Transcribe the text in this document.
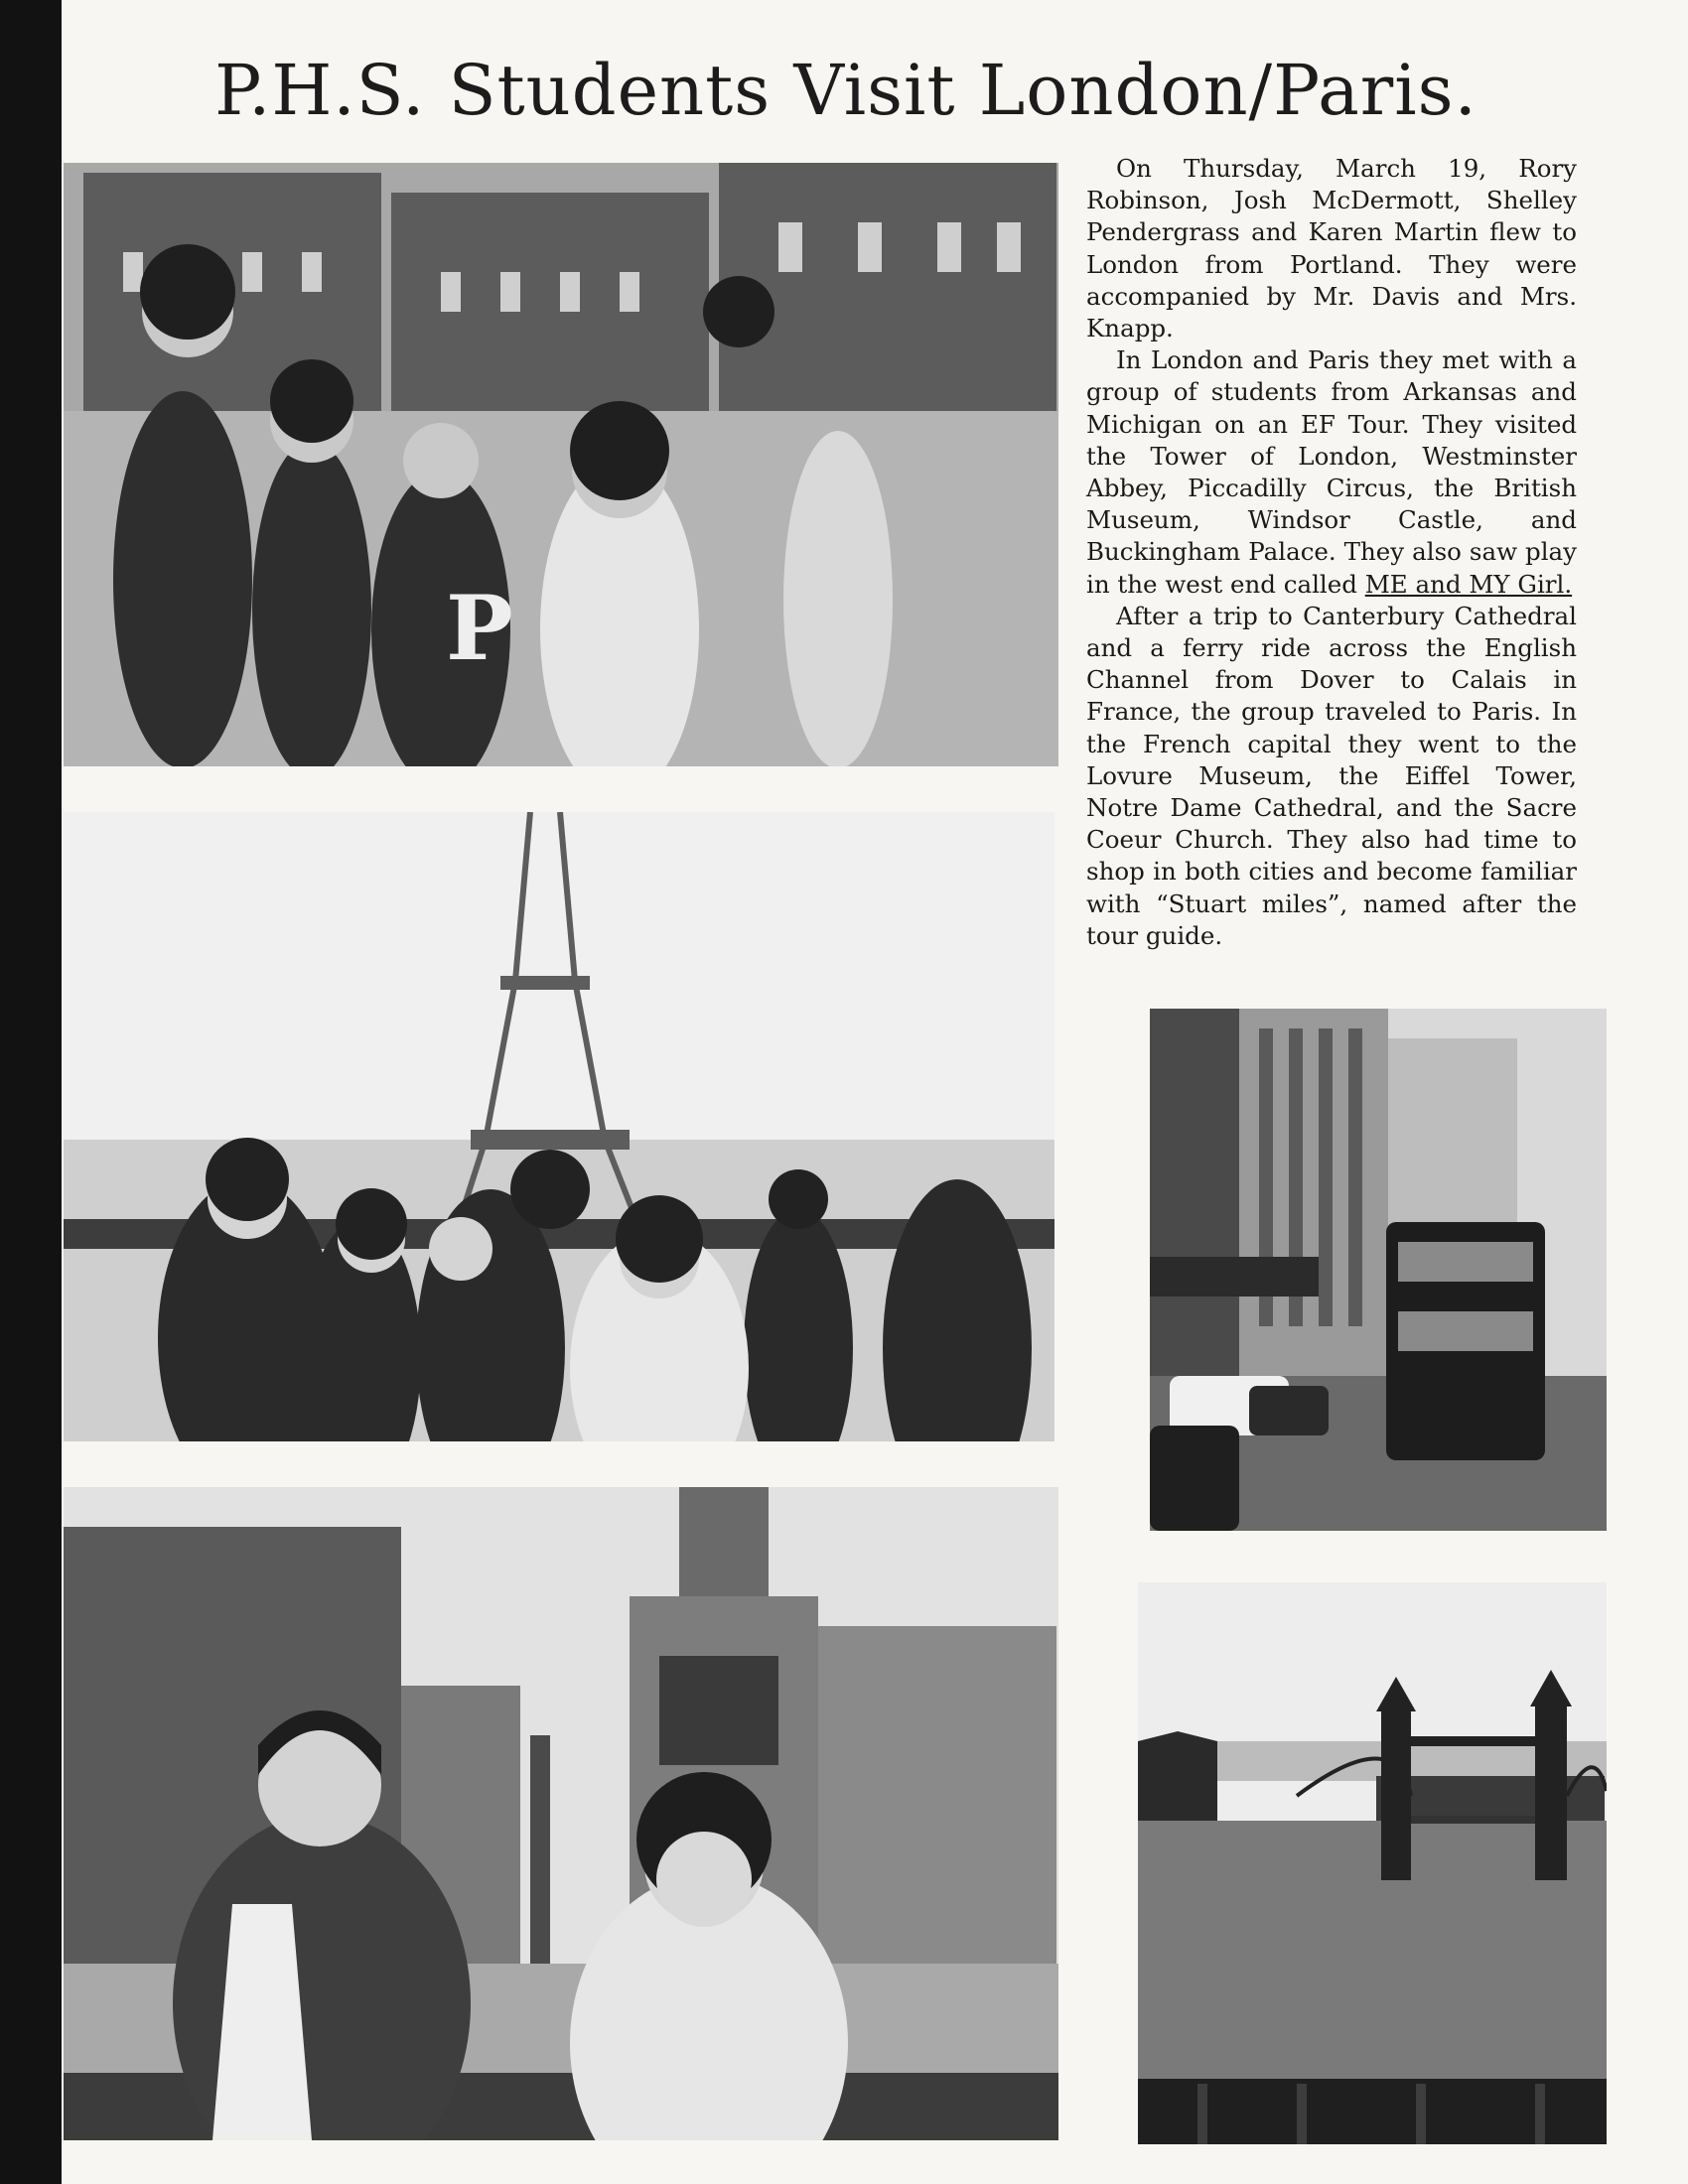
P.H.S. Students Visit London/Paris.
P

On Thursday, March 19, Rory Robinson, Josh McDermott, Shelley Pendergrass and Karen Martin flew to London from Portland. They were accompanied by Mr. Davis and Mrs. Knapp.

In London and Paris they met with a group of students from Arkansas and Michigan on an EF Tour. They visited the Tower of London, Westminster Abbey, Piccadilly Circus, the British Museum, Windsor Castle, and Buckingham Palace. They also saw play in the west end called ME and MY Girl.

After a trip to Canterbury Cathedral and a ferry ride across the English Channel from Dover to Calais in France, the group traveled to Paris. In the French capital they went to the Lovure Museum, the Eiffel Tower, Notre Dame Cathedral, and the Sacre Coeur Church. They also had time to shop in both cities and become familiar with “Stuart miles”, named after the tour guide.
